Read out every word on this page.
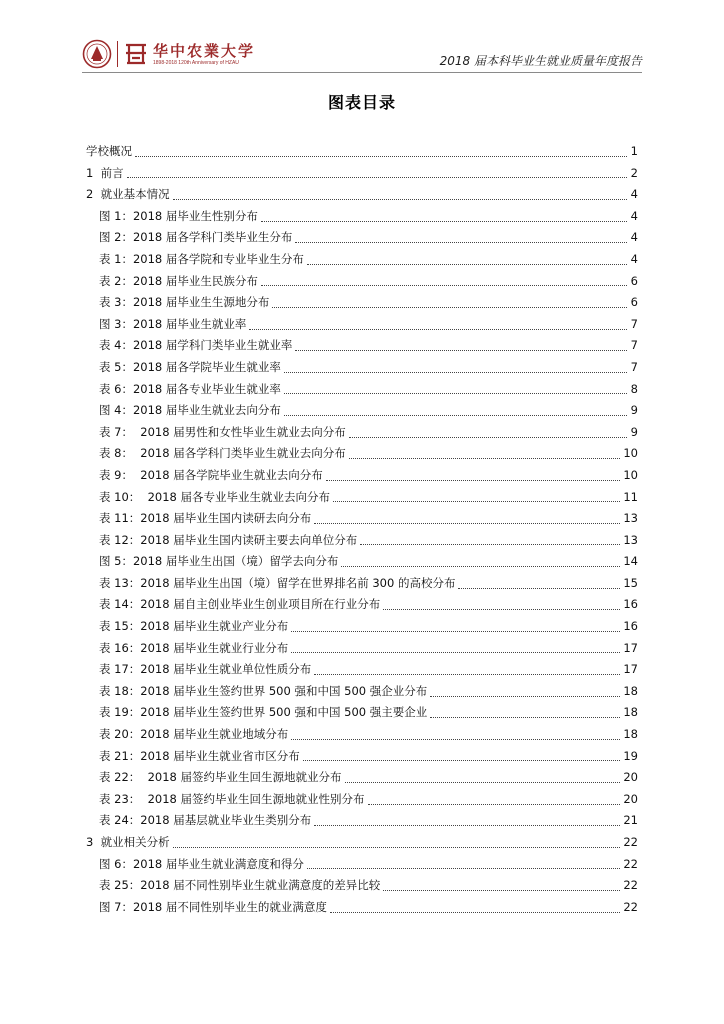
华中农業大学
1898-2018 120th Anniversary of HZAU	2018 届本科毕业生就业质量年度报告
图表目录
学校概况	1
1  前言	2
2  就业基本情况	4
图 1：2018 届毕业生性别分布	4
图 2：2018 届各学科门类毕业生分布	4
表 1：2018 届各学院和专业毕业生分布	4
表 2：2018 届毕业生民族分布	6
表 3：2018 届毕业生生源地分布	6
图 3：2018 届毕业生就业率	7
表 4：2018 届学科门类毕业生就业率	7
表 5：2018 届各学院毕业生就业率	7
表 6：2018 届各专业毕业生就业率	8
图 4：2018 届毕业生就业去向分布	9
表 7：  2018 届男性和女性毕业生就业去向分布	9
表 8：  2018 届各学科门类毕业生就业去向分布	10
表 9：  2018 届各学院毕业生就业去向分布	10
表 10：  2018 届各专业毕业生就业去向分布	11
表 11：2018 届毕业生国内读研去向分布	13
表 12：2018 届毕业生国内读研主要去向单位分布	13
图 5：2018 届毕业生出国（境）留学去向分布	14
表 13：2018 届毕业生出国（境）留学在世界排名前 300 的高校分布	15
表 14：2018 届自主创业毕业生创业项目所在行业分布	16
表 15：2018 届毕业生就业产业分布	16
表 16：2018 届毕业生就业行业分布	17
表 17：2018 届毕业生就业单位性质分布	17
表 18：2018 届毕业生签约世界 500 强和中国 500 强企业分布	18
表 19：2018 届毕业生签约世界 500 强和中国 500 强主要企业	18
表 20：2018 届毕业生就业地域分布	18
表 21：2018 届毕业生就业省市区分布	19
表 22：  2018 届签约毕业生回生源地就业分布	20
表 23：  2018 届签约毕业生回生源地就业性别分布	20
表 24：2018 届基层就业毕业生类别分布	21
3  就业相关分析	22
图 6：2018 届毕业生就业满意度和得分	22
表 25：2018 届不同性别毕业生就业满意度的差异比较	22
图 7：2018 届不同性别毕业生的就业满意度	22
